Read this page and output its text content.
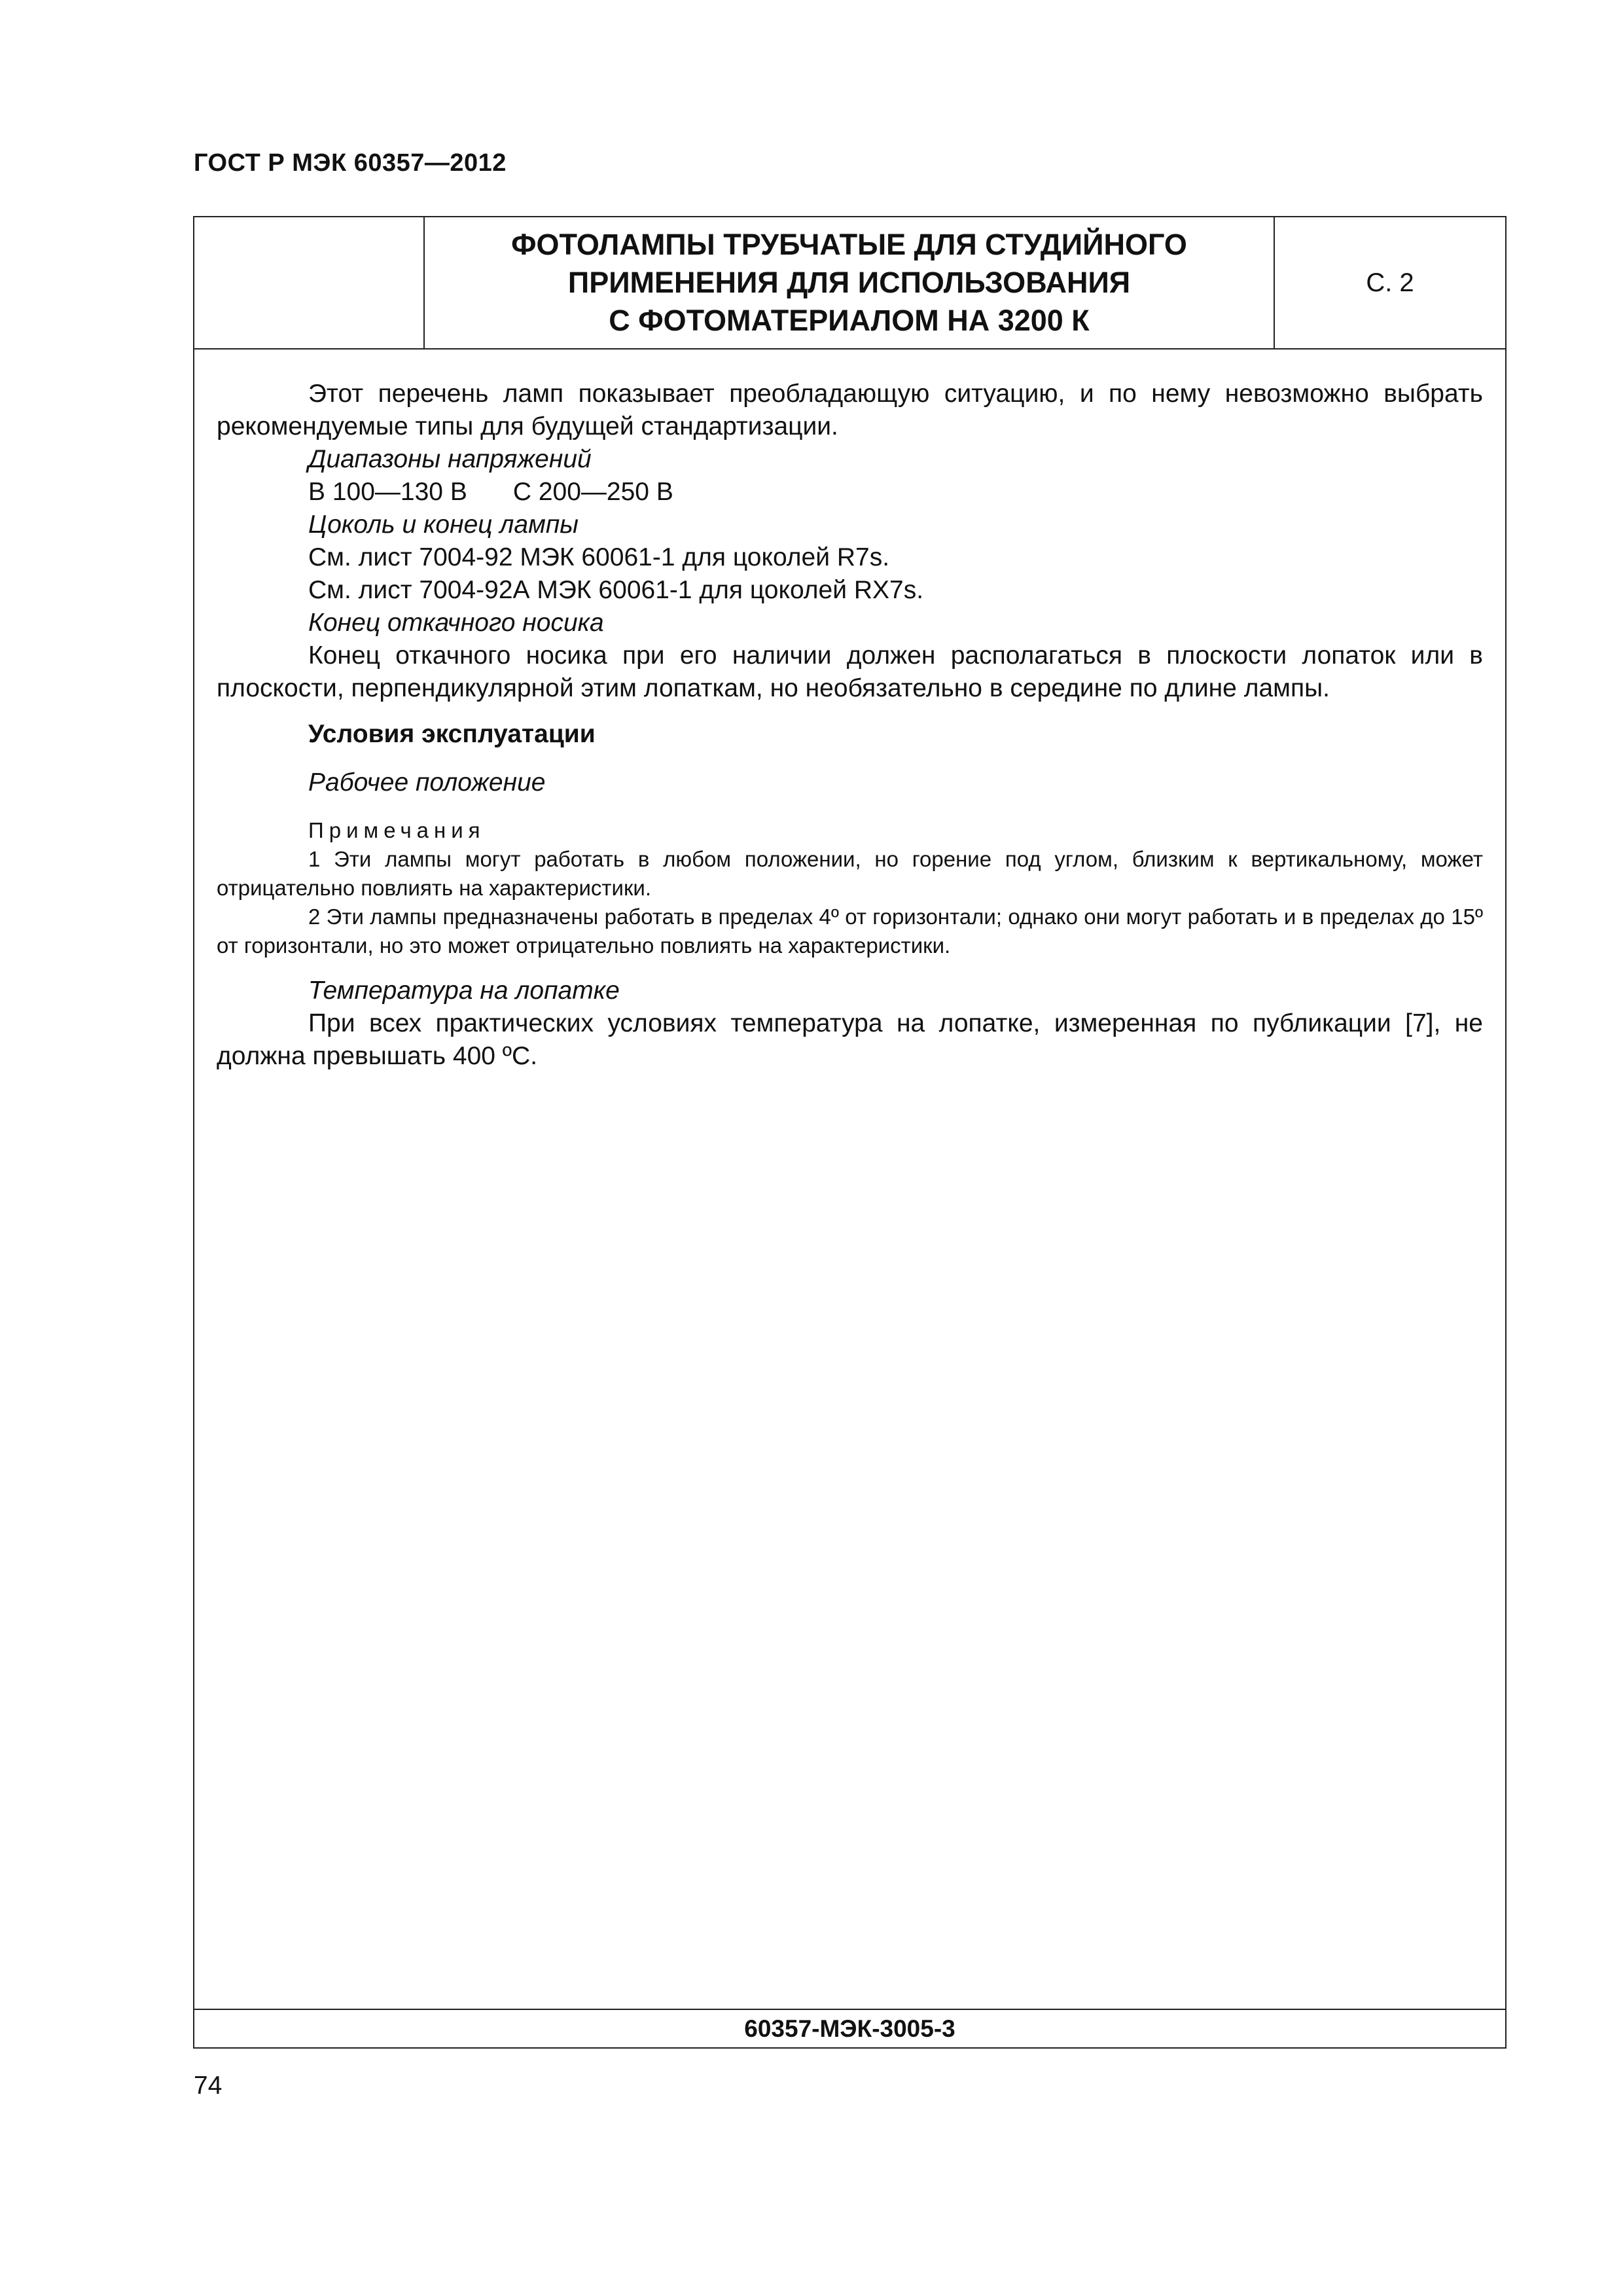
ГОСТ Р МЭК 60357—2012
ФОТОЛАМПЫ ТРУБЧАТЫЕ ДЛЯ СТУДИЙНОГО
ПРИМЕНЕНИЯ ДЛЯ ИСПОЛЬЗОВАНИЯ
С ФОТОМАТЕРИАЛОМ НА 3200 К
С. 2

Этот перечень ламп показывает преобладающую ситуацию, и по нему невозможно выбрать рекомендуемые типы для будущей стандартизации.

Диапазоны напряжений

В 100—130 В С 200—250 В

Цоколь и конец лампы

См. лист 7004-92 МЭК 60061-1 для цоколей R7s.

См. лист 7004-92А МЭК 60061-1 для цоколей RX7s.

Конец откачного носика

Конец откачного носика при его наличии должен располагаться в плоскости лопаток или в плоскости, перпендикулярной этим лопаткам, но необязательно в середине по длине лампы.

Условия эксплуатации

Рабочее положение

Примечания

1 Эти лампы могут работать в любом положении, но горение под углом, близким к вертикальному, может отрицательно повлиять на характеристики.

2 Эти лампы предназначены работать в пределах 4º от горизонтали; однако они могут работать и в пределах до 15º от горизонтали, но это может отрицательно повлиять на характеристики.

Температура на лопатке

При всех практических условиях температура на лопатке, измеренная по публикации [7], не должна превышать 400 ºС.

60357-МЭК-3005-3
74
